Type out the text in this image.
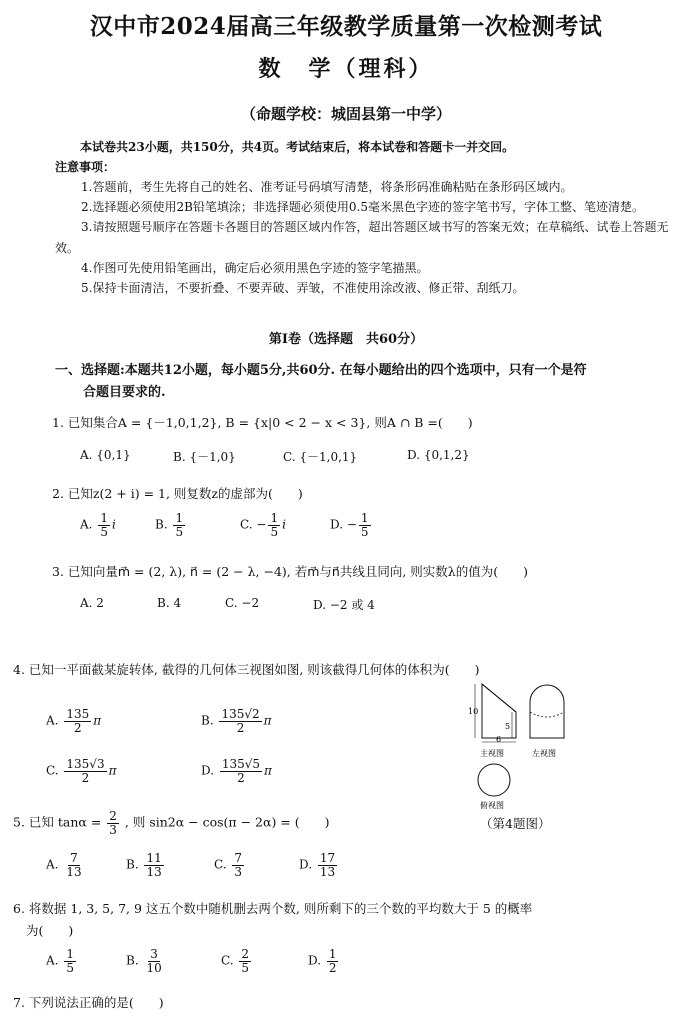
汉中市2024届高三年级教学质量第一次检测考试
数　学（理科）
（命题学校：城固县第一中学）
本试卷共23小题，共150分，共4页。考试结束后，将本试卷和答题卡一并交回。
注意事项：

1.答题前，考生先将自己的姓名、准考证号码填写清楚，将条形码准确粘贴在条形码区域内。

2.选择题必须使用2B铅笔填涂；非选择题必须使用0.5毫米黑色字迹的签字笔书写，字体工整、笔迹清楚。

3.请按照题号顺序在答题卡各题目的答题区域内作答，超出答题区域书写的答案无效；在草稿纸、试卷上答题无效。

4.作图可先使用铅笔画出，确定后必须用黑色字迹的签字笔描黑。

5.保持卡面清洁，不要折叠、不要弄破、弄皱，不准使用涂改液、修正带、刮纸刀。

第Ⅰ卷（选择题　共60分）
一、选择题:本题共12小题，每小题5分,共60分. 在每小题给出的四个选项中，只有一个是符
合题目要求的.
1. 已知集合A = {－1,0,1,2}, B = {x|0 < 2 − x < 3}, 则A ∩ B =(　　)
A. {0,1}	B. {－1,0}	C. {－1,0,1}	D. {0,1,2}
2. 已知z(2 + i) = 1, 则复数z的虚部为(　　)
A. $\frac{1}{5}$ i	B. $\frac{1}{5}$	C. − $\frac{1}{5}$ i	D. − $\frac{1}{5}$
3. 已知向量m⃗ = (2, λ), n⃗ = (2 − λ, −4), 若m⃗与n⃗共线且同向, 则实数λ的值为(　　)
A. 2	B. 4	C. −2	D. −2 或 4
4. 已知一平面截某旋转体, 截得的几何体三视图如图, 则该截得几何体的体积为(　　)
A. $\frac{135}{2}$ π	B. $\frac{135√2}{2}$ π
C. $\frac{135√3}{2}$ π	D. $\frac{135√5}{2}$ π
10
5
6
主视图	左视图
俯视图
（第4题图）
5. 已知 $\tan\alpha = \frac{2}{3}$ , 则 sin2α − cos(π − 2α) = (　　)
A. $\frac{7}{13}$	B. $\frac{11}{13}$	C. $\frac{7}{3}$	D. $\frac{17}{13}$
6. 将数据 1, 3, 5, 7, 9 这五个数中随机删去两个数, 则所剩下的三个数的平均数大于 5 的概率
为(　　)
A. $\frac{1}{5}$	B. $\frac{3}{10}$	C. $\frac{2}{5}$	D. $\frac{1}{2}$
7. 下列说法正确的是(　　)
